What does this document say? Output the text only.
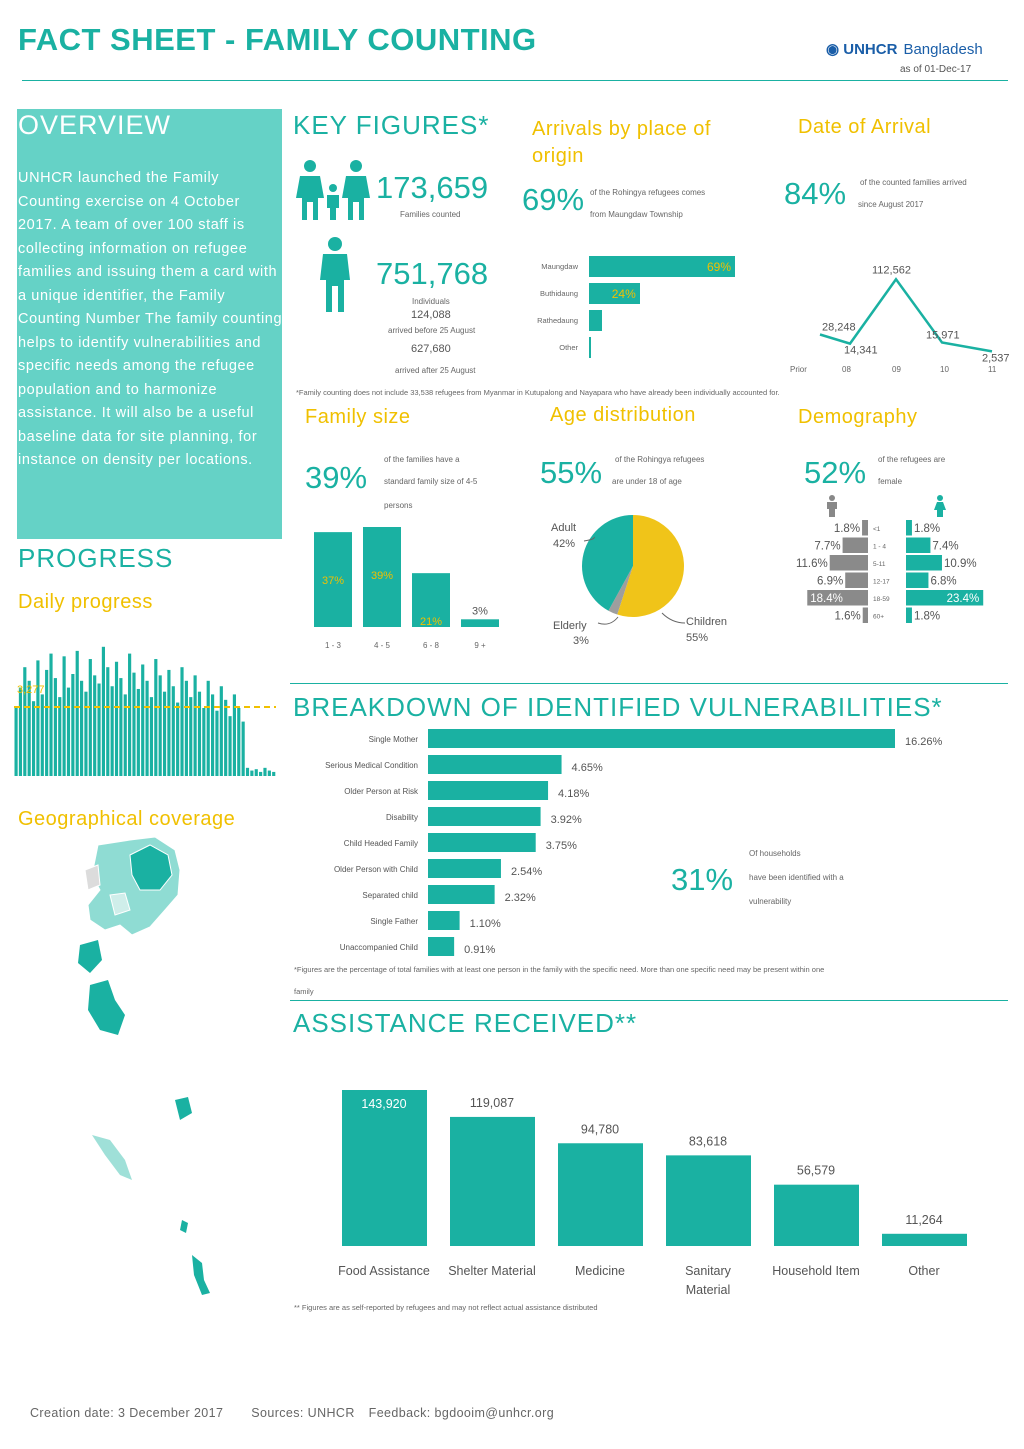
FACT SHEET - FAMILY COUNTING	◉ UNHCR Bangladesh
as of 01-Dec-17
OVERVIEW
UNHCR launched the Family Counting exercise on 4 October 2017. A team of over 100 staff is collecting information on refugee families and issuing them a card with a unique identifier, the Family Counting Number The family counting helps to identify vulnerabilities and specific needs among the refugee population and to harmonize assistance. It will also be a useful baseline data for site planning, for instance on density per locations.
PROGRESS
Daily progress
3,277
Geographical coverage
KEY FIGURES*
173,659
Families counted
751,768
Individuals
124,088
arrived before 25 August
627,680
arrived after 25 August
Arrivals by place of origin
69% of the Rohingya refugees comes
from Maungdaw Township
Maungdaw	69%
Buthidaung	24%
Rathedaung
Other
Date of Arrival
84% of the counted families arrived
since August 2017
28,248
14,341
112,562
15,971
2,537
Prior	08	09	10	11
*Family counting does not include 33,538 refugees from Myanmar in Kutupalong and Nayapara who have already been individually accounted for.
Family size
39%
of the families have a
standard family size of 4-5
persons
37%
1 - 3
39%
4 - 5
21%
6 - 8
3%
9 +
Age distribution
55% of the Rohingya refugees
are under 18 of age
Adult
42%
Elderly
3%
Children
55%
Demography
52% of the refugees are
female
<1
1.8%	1.8%
1 - 4
7.7%	7.4%
5-11
11.6%	10.9%
12-17
6.9%	6.8%
18-59
18.4%	23.4%
60+
1.6%	1.8%
BREAKDOWN OF IDENTIFIED VULNERABILITIES*
Single Mother	16.26%
Serious Medical Condition	4.65%
Older Person at Risk	4.18%
Disability	3.92%
Child Headed Family	3.75%
Older Person with Child	2.54%
Separated child	2.32%
Single Father	1.10%
Unaccompanied Child	0.91%
31%
Of households
have been identified with a
vulnerability
*Figures are the percentage of total families with at least one person in the family with the specific need. More than one specific need may be present within one
family
ASSISTANCE RECEIVED**
143,920
Food Assistance
119,087
Shelter Material
94,780
Medicine
83,618
Sanitary
Material
56,579
Household Item
11,264
Other
** Figures are as self-reported by refugees and may not reflect actual assistance distributed
Creation date: 3 December 2017 Sources: UNHCR Feedback: bgdooim@unhcr.org
